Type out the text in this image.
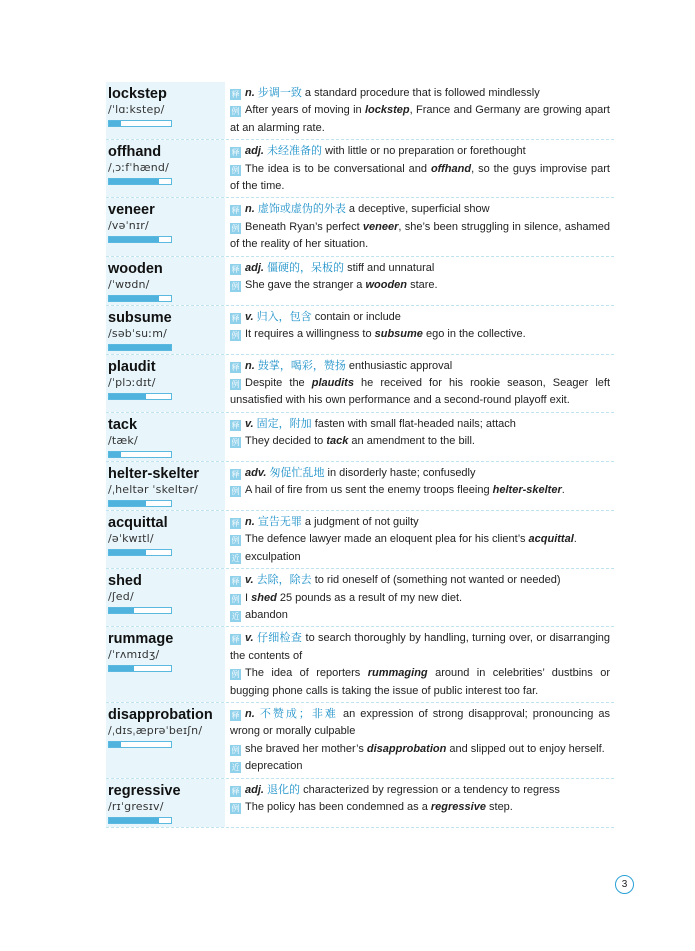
lockstep
/ˈlɑːkstep/
释 n. 步调一致 a standard procedure that is followed mindlessly
例 After years of moving in lockstep, France and Germany are growing apart at an alarming rate.
offhand
/ˌɔːfˈhænd/
释 adj. 未经准备的 with little or no preparation or forethought
例 The idea is to be conversational and offhand, so the guys improvise part of the time.
veneer
/vəˈnɪr/
释 n. 虚饰或虚伪的外表 a deceptive, superficial show
例 Beneath Ryan’s perfect veneer, she’s been struggling in silence, ashamed of the reality of her situation.
wooden
/ˈwʊdn/
释 adj. 僵硬的，呆板的 stiff and unnatural
例 She gave the stranger a wooden stare.
subsume
/səbˈsuːm/
释 v. 归入，包含 contain or include
例 It requires a willingness to subsume ego in the collective.
plaudit
/ˈplɔːdɪt/
释 n. 鼓掌，喝彩，赞扬 enthusiastic approval
例 Despite the plaudits he received for his rookie season, Seager left unsatisfied with his own performance and a second-round playoff exit.
tack
/tæk/
释 v. 固定，附加 fasten with small flat-headed nails; attach
例 They decided to tack an amendment to the bill.
helter-skelter
/ˌheltər ˈskeltər/
释 adv. 匆促忙乱地 in disorderly haste; confusedly
例 A hail of fire from us sent the enemy troops fleeing helter-skelter.
acquittal
/əˈkwɪtl/
释 n. 宣告无罪 a judgment of not guilty
例 The defence lawyer made an eloquent plea for his client’s acquittal.
近 exculpation
shed
/ʃed/
释 v. 去除，除去 to rid oneself of (something not wanted or needed)
例 I shed 25 pounds as a result of my new diet.
近 abandon
rummage
/ˈrʌmɪdʒ/
释 v. 仔细检查 to search thoroughly by handling, turning over, or disarranging the contents of
例 The idea of reporters rummaging around in celebrities’ dustbins or bugging phone calls is taking the issue of public interest too far.
disapprobation
/ˌdɪsˌæprəˈbeɪʃn/
释 n. 不赞成；非难 an expression of strong disapproval; pronouncing as wrong or morally culpable
例 she braved her mother’s disapprobation and slipped out to enjoy herself.
近 deprecation
regressive
/rɪˈgresɪv/
释 adj. 退化的 characterized by regression or a tendency to regress
例 The policy has been condemned as a regressive step.
3
